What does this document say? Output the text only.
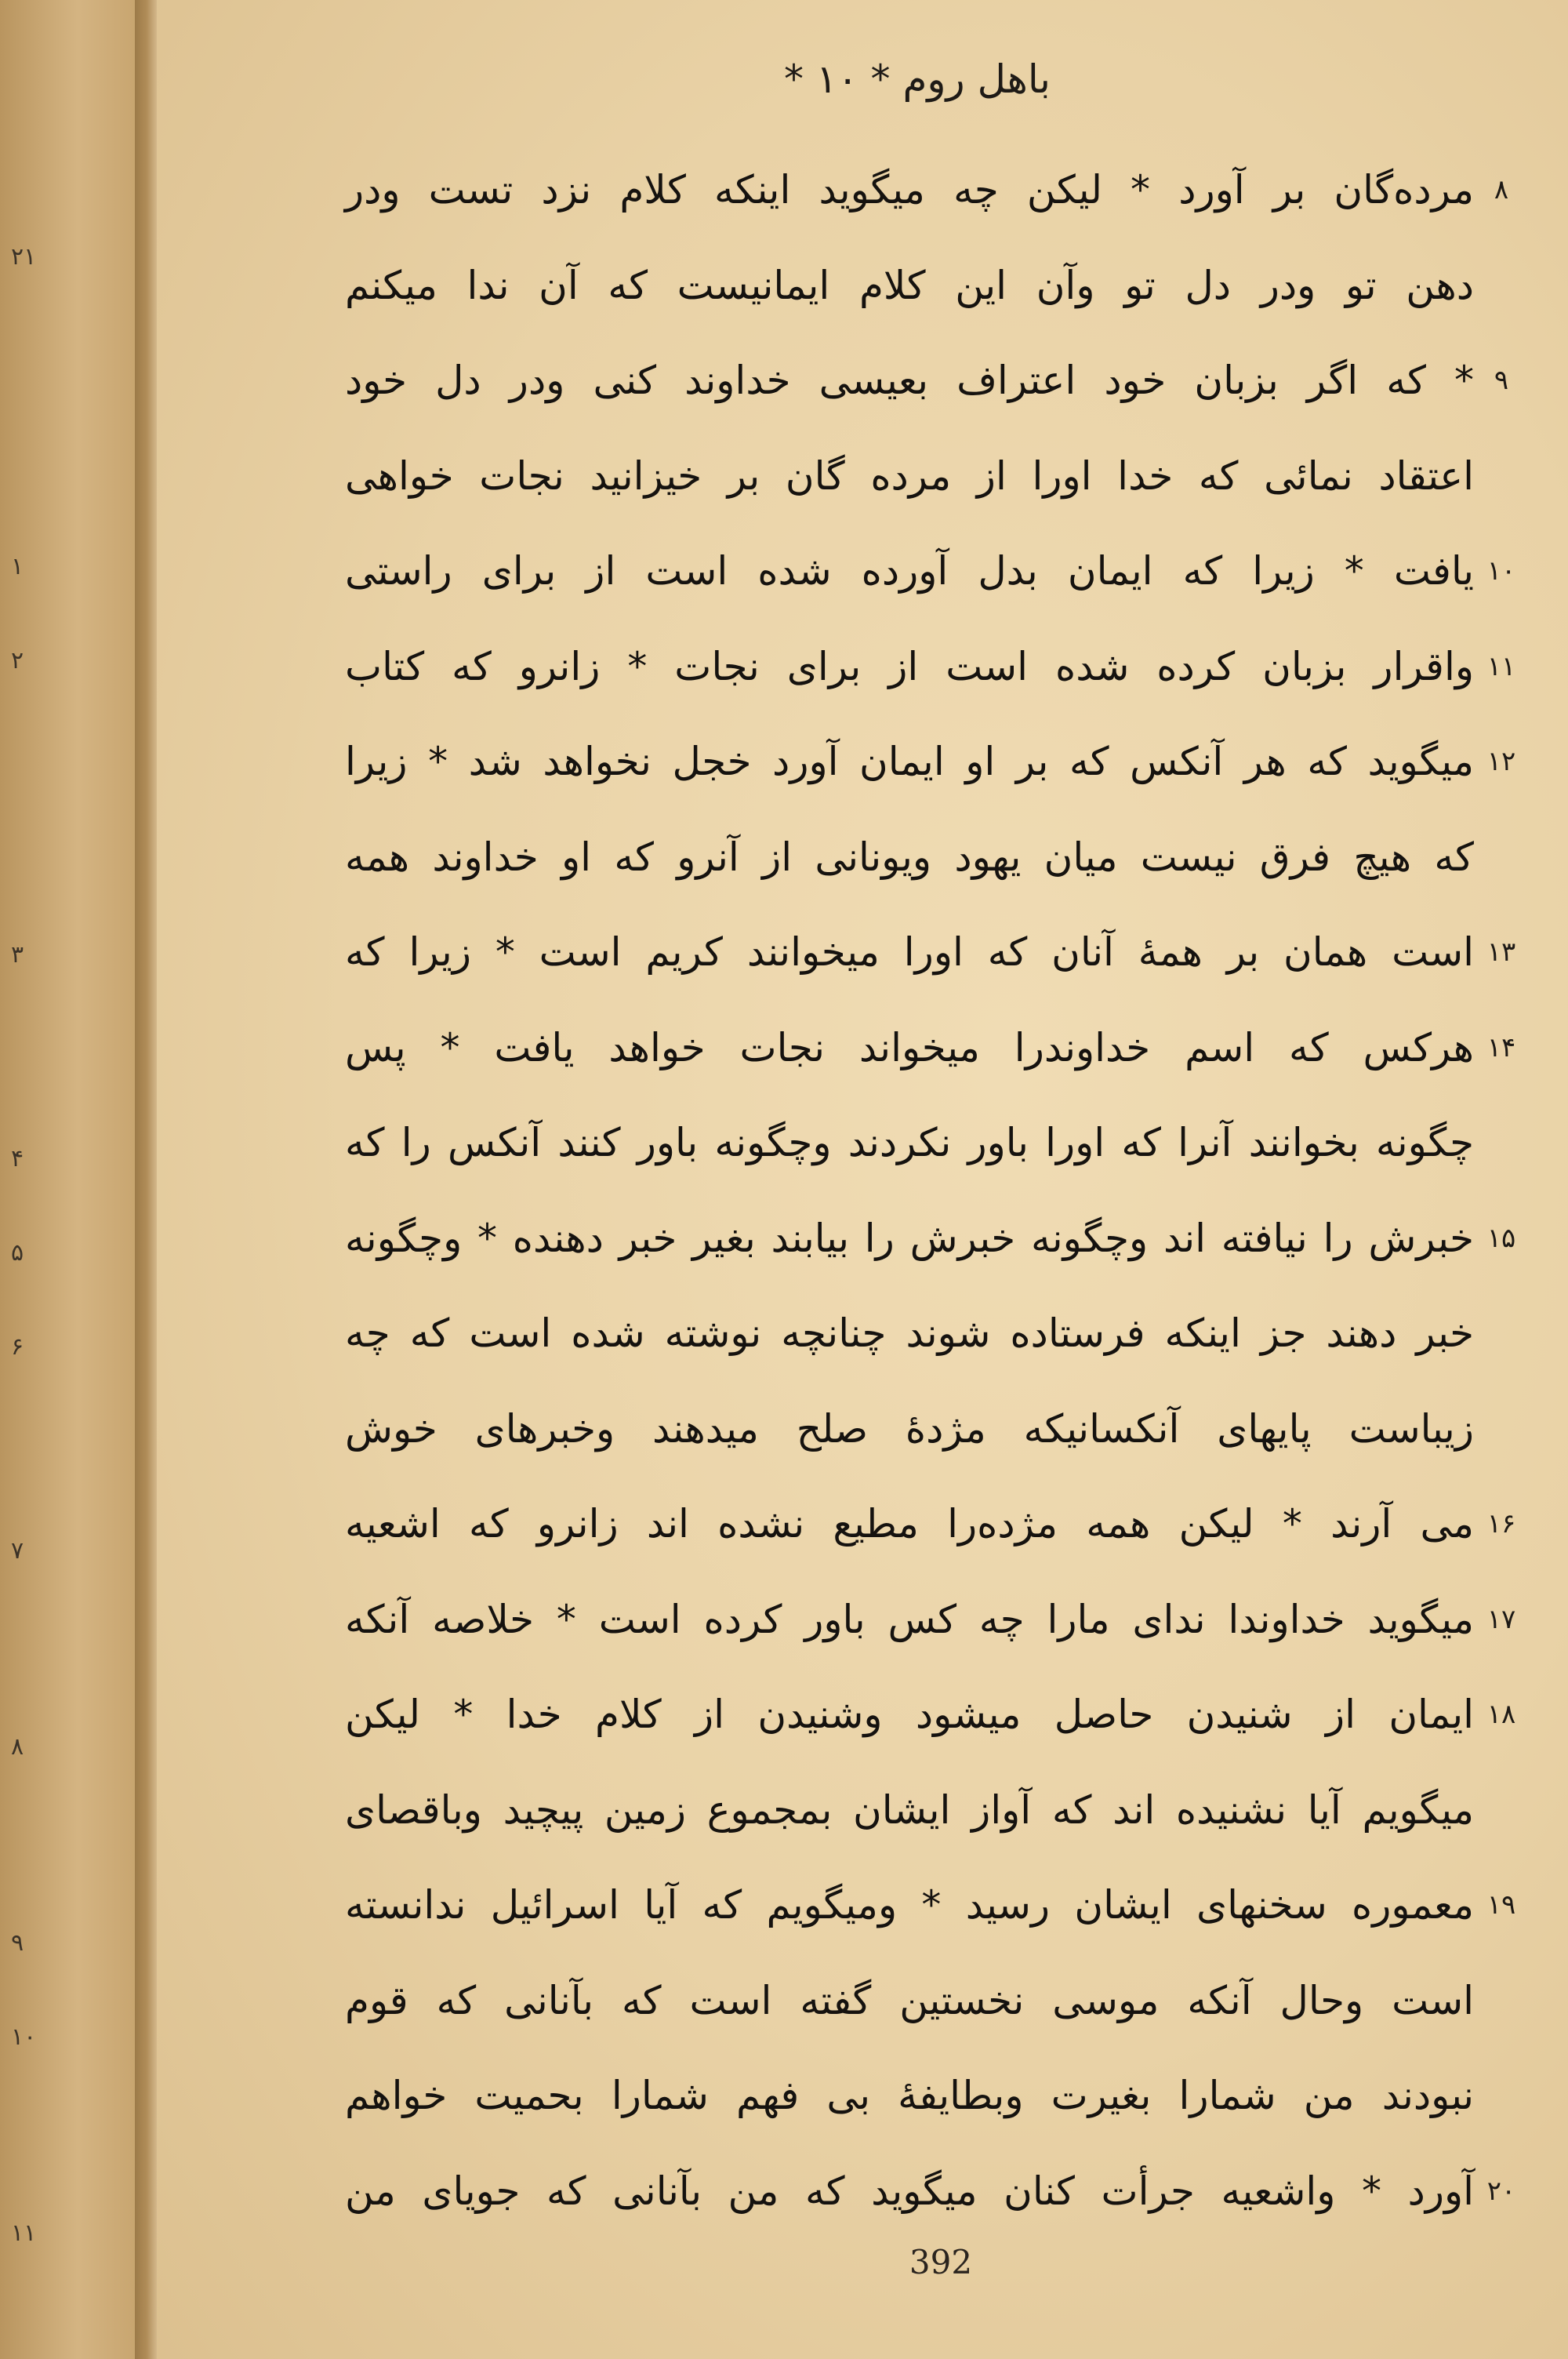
۲۱
۱
۲
۳
۴
۵
۶
۷
۸
۹
۱۰
۱۱
باهل روم * ۱۰ *
۸
مرده‌گان بر آورد * لیکن چه میگوید اینکه کلام نزد تست ودر
دهن تو ودر دل تو وآن این کلام ایمانیست که آن ندا میکنم
۹
* که اگر بزبان خود اعتراف بعیسی خداوند کنی ودر دل خود
اعتقاد نمائی که خدا اورا از مرده گان بر خیزانید نجات خواهی
۱۰
یافت * زیرا که ایمان بدل آورده شده است از برای راستی
۱۱
واقرار بزبان کرده شده است از برای نجات * زانرو که کتاب
۱۲
میگوید که هر آنکس که بر او ایمان آورد خجل نخواهد شد * زیرا
که هیچ فرق نیست میان یهود ویونانی از آنرو که او خداوند همه
۱۳
است همان بر همهٔ آنان که اورا میخوانند کریم است * زیرا که
۱۴
هرکس که اسم خداوندرا میخواند نجات خواهد یافت * پس
چگونه بخوانند آنرا که اورا باور نکردند وچگونه باور کنند آنکس را که
۱۵
خبرش را نیافته اند وچگونه خبرش را بیابند بغیر خبر دهنده * وچگونه
خبر دهند جز اینکه فرستاده شوند چنانچه نوشته شده است که چه
زیباست پایهای آنکسانیکه مژدهٔ صلح میدهند وخبرهای خوش
۱۶
می آرند * لیکن همه مژده‌را مطیع نشده اند زانرو که اشعیه
۱۷
میگوید خداوندا ندای مارا چه کس باور کرده است * خلاصه آنکه
۱۸
ایمان از شنیدن حاصل میشود وشنیدن از کلام خدا * لیکن
میگویم آیا نشنیده اند که آواز ایشان بمجموع زمین پیچید وباقصای
۱۹
معموره سخنهای ایشان رسید * ومیگویم که آیا اسرائیل ندانسته
است وحال آنکه موسی نخستین گفته است که بآنانی که قوم
نبودند من شمارا بغیرت وبطایفهٔ بی فهم شمارا بحمیت خواهم
۲۰
آورد * واشعیه جرأت کنان میگوید که من بآنانی که جویای من
392
